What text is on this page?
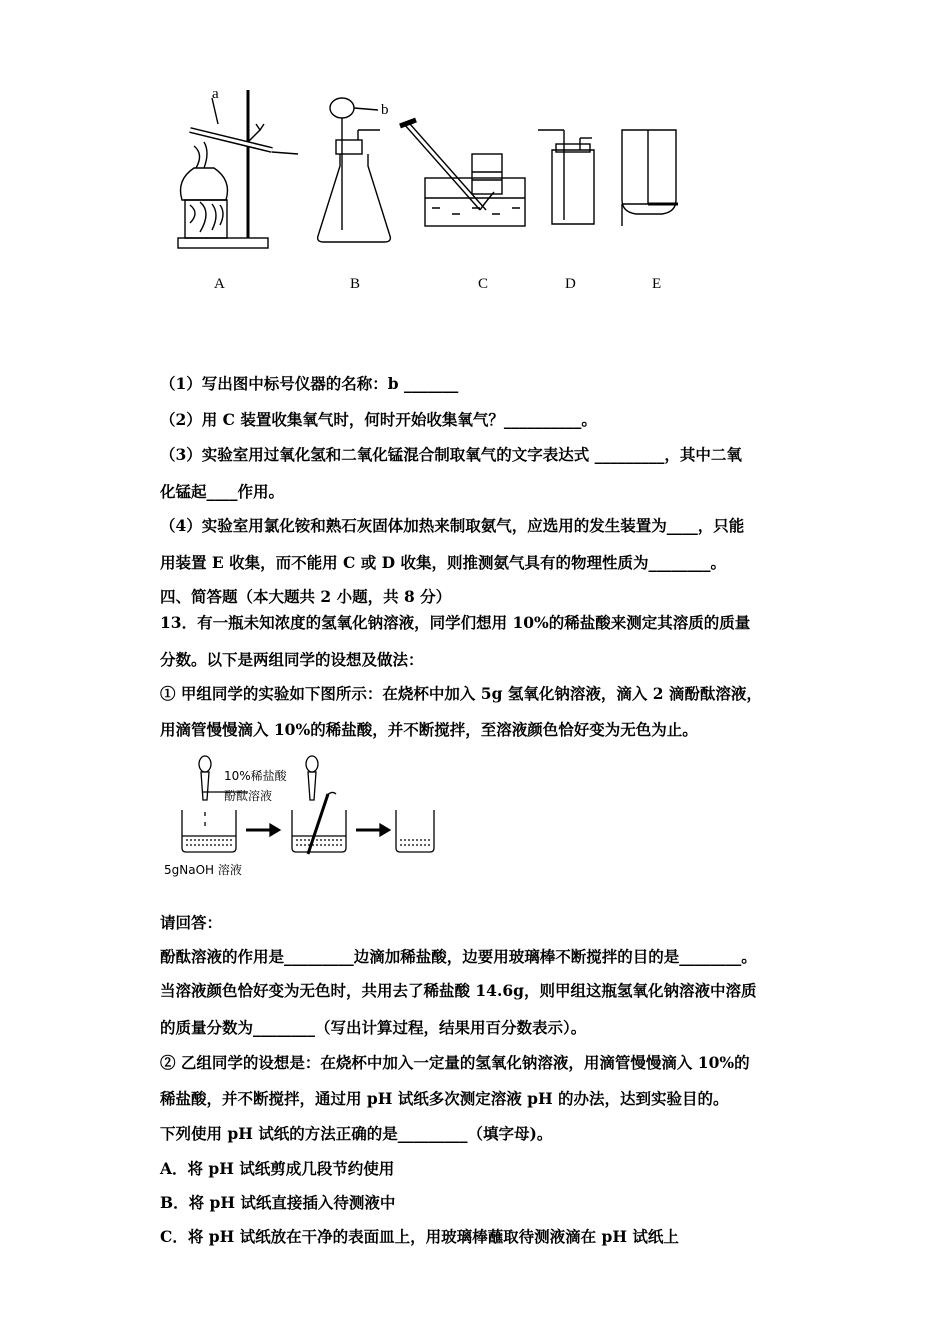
a
b
A	B	C	D	E
（1）写出图中标号仪器的名称：b _______
（2）用 C 装置收集氧气时，何时开始收集氧气？__________。
（3）实验室用过氧化氢和二氧化锰混合制取氧气的文字表达式 _________，其中二氧
化锰起____作用。
（4）实验室用氯化铵和熟石灰固体加热来制取氨气，应选用的发生装置为____，只能
用装置 E 收集，而不能用 C 或 D 收集，则推测氨气具有的物理性质为________。
四、简答题（本大题共 2 小题，共 8 分）
13．有一瓶未知浓度的氢氧化钠溶液，同学们想用 10%的稀盐酸来测定其溶质的质量
分数。以下是两组同学的设想及做法：
① 甲组同学的实验如下图所示：在烧杯中加入 5g 氢氧化钠溶液，滴入 2 滴酚酞溶液，
用滴管慢慢滴入 10%的稀盐酸，并不断搅拌，至溶液颜色恰好变为无色为止。
10%稀盐酸
酚酞溶液
5gNaOH 溶液
请回答：
酚酞溶液的作用是_________边滴加稀盐酸，边要用玻璃棒不断搅拌的目的是________。
当溶液颜色恰好变为无色时，共用去了稀盐酸 14.6g，则甲组这瓶氢氧化钠溶液中溶质
的质量分数为________（写出计算过程，结果用百分数表示）。
② 乙组同学的设想是：在烧杯中加入一定量的氢氧化钠溶液，用滴管慢慢滴入 10%的
稀盐酸，并不断搅拌，通过用 pH 试纸多次测定溶液 pH 的办法，达到实验目的。
下列使用 pH 试纸的方法正确的是_________（填字母)。
A．将 pH 试纸剪成几段节约使用
B．将 pH 试纸直接插入待测液中
C．将 pH 试纸放在干净的表面皿上，用玻璃棒蘸取待测液滴在 pH 试纸上
